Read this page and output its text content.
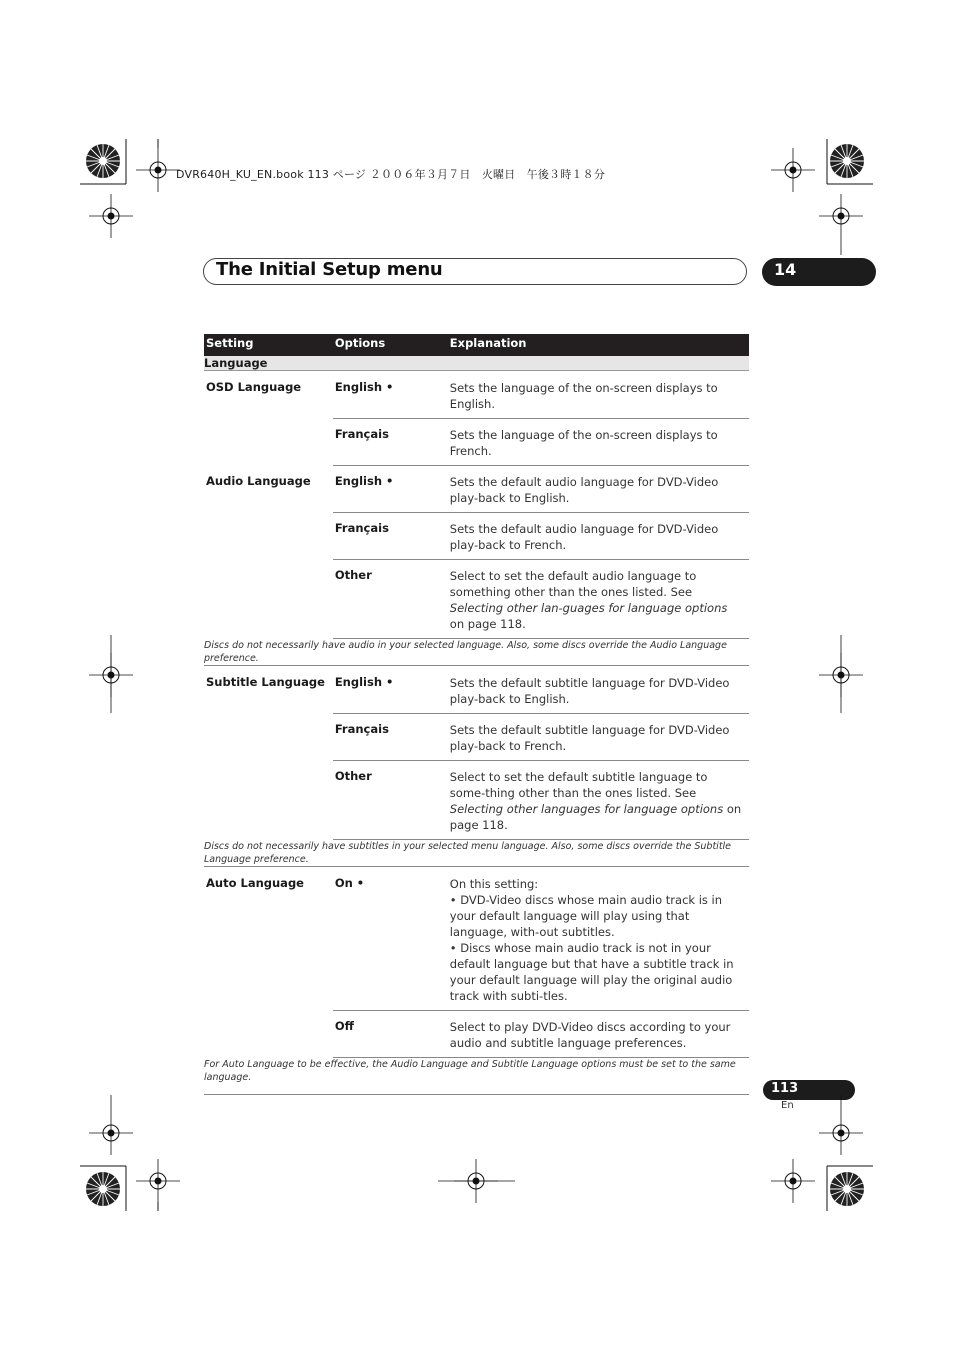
DVR640H_KU_EN.book 113 ページ ２００６年３月７日　火曜日　午後３時１８分
The Initial Setup menu	14
Setting	Options	Explanation
Language		
OSD Language	English •	Sets the language of the on-screen displays to English.
	Français	Sets the language of the on-screen displays to French.
Audio Language	English •	Sets the default audio language for DVD-Video play-back to English.
	Français	Sets the default audio language for DVD-Video play-back to French.
	Other	Select to set the default audio language to something other than the ones listed. See Selecting other lan-guages for language options on page 118.
Discs do not necessarily have audio in your selected language. Also, some discs override the Audio Language preference.		
Subtitle Language	English •	Sets the default subtitle language for DVD-Video play-back to English.
	Français	Sets the default subtitle language for DVD-Video play-back to French.
	Other	Select to set the default subtitle language to some-thing other than the ones listed. See Selecting other languages for language options on page 118.
Discs do not necessarily have subtitles in your selected menu language. Also, some discs override the Subtitle Language preference.		
Auto Language	On •	On this setting:
• DVD-Video discs whose main audio track is in your default language will play using that language, with-out subtitles.
• Discs whose main audio track is not in your default language but that have a subtitle track in your default language will play the original audio track with subti-tles.

	Off	Select to play DVD-Video discs according to your audio and subtitle language preferences.
For Auto Language to be effective, the Audio Language and Subtitle Language options must be set to the same language.		
113
En
